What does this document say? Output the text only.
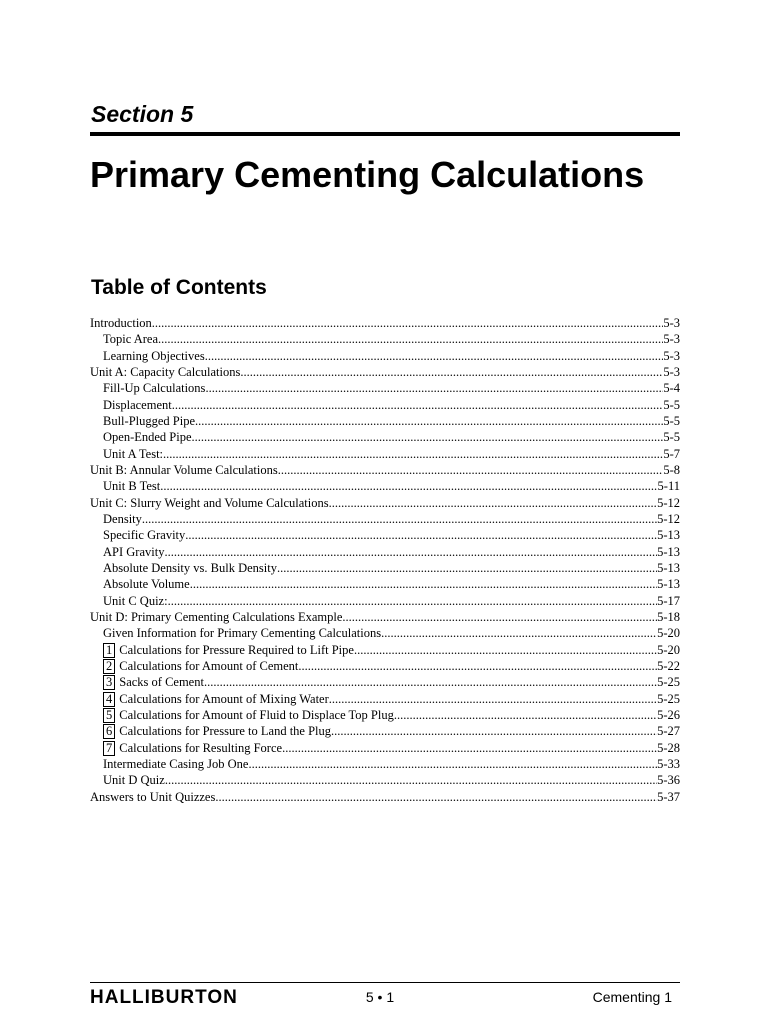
Section 5
Primary Cementing Calculations
Table of Contents
Introduction .....	5-3
Topic Area .....	5-3
Learning Objectives .....	5-3
Unit A: Capacity Calculations .....	5-3
Fill-Up Calculations .....	5-4
Displacement .....	5-5
Bull-Plugged Pipe .....	5-5
Open-Ended Pipe .....	5-5
Unit A Test: .....	5-7
Unit B: Annular Volume Calculations .....	5-8
Unit B Test .....	5-11
Unit C: Slurry Weight and Volume Calculations .....	5-12
Density .....	5-12
Specific Gravity .....	5-13
API Gravity .....	5-13
Absolute Density vs. Bulk Density .....	5-13
Absolute Volume .....	5-13
Unit C Quiz: .....	5-17
Unit D: Primary Cementing Calculations Example .....	5-18
Given Information for Primary Cementing Calculations .....	5-20
1 Calculations for Pressure Required to Lift Pipe .....	5-20
2 Calculations for Amount of Cement .....	5-22
3 Sacks of Cement .....	5-25
4 Calculations for Amount of Mixing Water .....	5-25
5 Calculations for Amount of Fluid to Displace Top Plug .....	5-26
6 Calculations for Pressure to Land the Plug .....	5-27
7 Calculations for Resulting Force .....	5-28
Intermediate Casing Job One .....	5-33
Unit D Quiz .....	5-36
Answers to Unit Quizzes .....	5-37
HALLIBURTON	5 • 1	Cementing 1
